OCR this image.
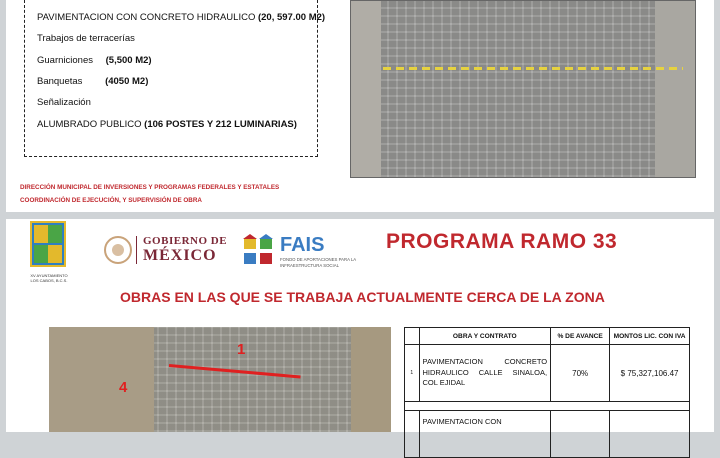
PAVIMENTACION CON CONCRETO HIDRAULICO (20, 597.00 M2)
Trabajos de terracerías
Guarniciones (5,500 M2)
Banquetas (4050 M2)
Señalización
ALUMBRADO PUBLICO (106 POSTES Y 212 LUMINARIAS)
DIRECCIÓN MUNICIPAL DE INVERSIONES Y PROGRAMAS FEDERALES Y ESTATALES
COORDINACIÓN DE EJECUCIÓN, Y SUPERVISIÓN DE OBRA
XV AYUNTAMIENTO LOS CABOS, B.C.S.
GOBIERNO DE
MÉXICO	FAIS
FONDO DE APORTACIONES PARA LA INFRAESTRUCTURA SOCIAL
PROGRAMA RAMO 33
OBRAS EN LAS QUE SE TRABAJA ACTUALMENTE CERCA DE LA ZONA
1
4
	OBRA Y CONTRATO	% DE AVANCE	MONTOS LIC. CON IVA
1	PAVIMENTACION CONCRETO HIDRAULICO CALLE SINALOA, COL EJIDAL	70%	$ 75,327,106.47

	PAVIMENTACION CON		
